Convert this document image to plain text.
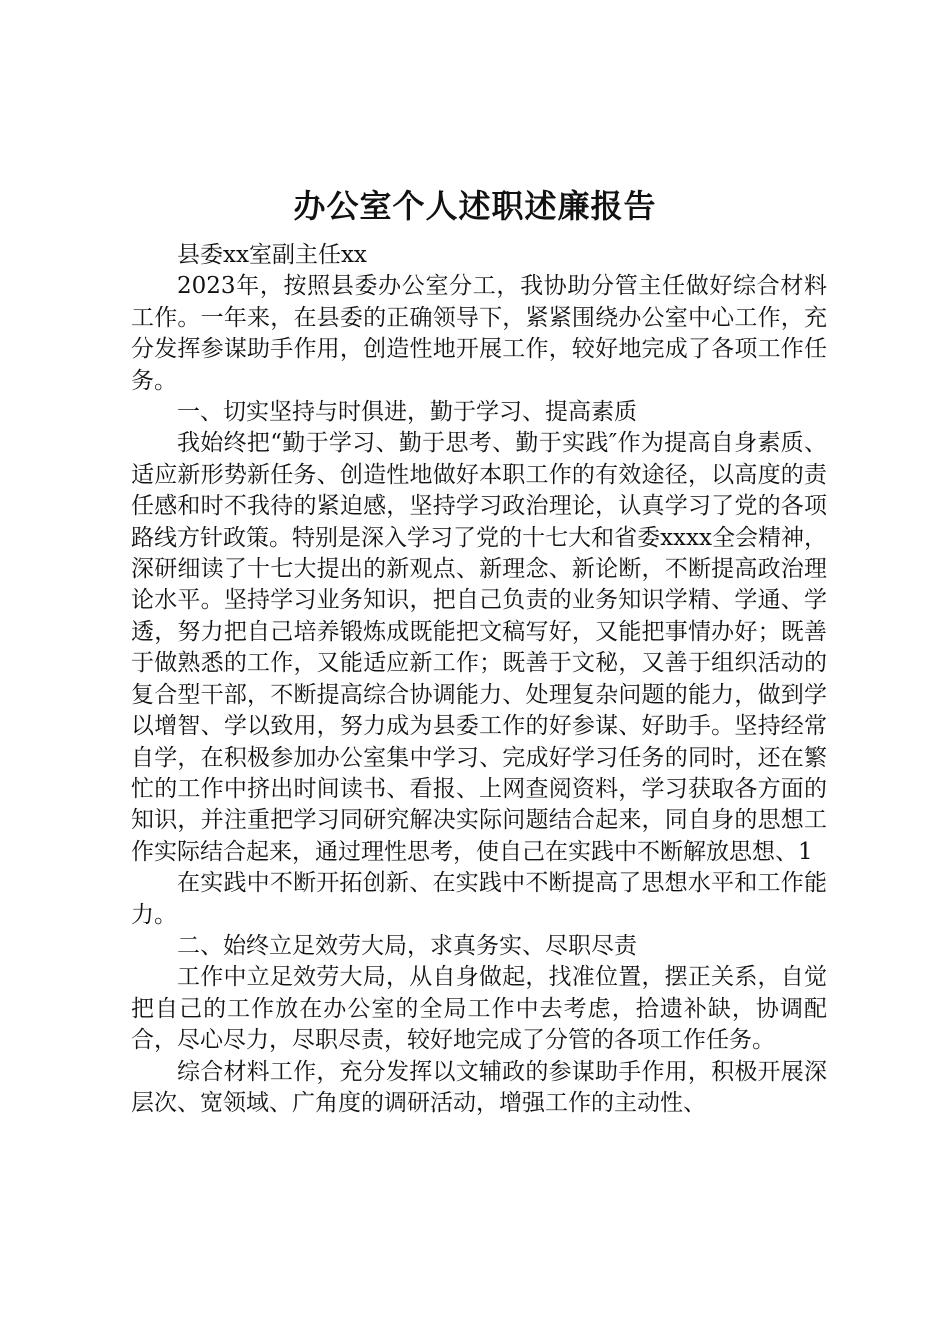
办公室个人述职述廉报告

县委xx室副主任xx

2023年，按照县委办公室分工，我协助分管主任做好综合材料工作。一年来，在县委的正确领导下，紧紧围绕办公室中心工作，充分发挥参谋助手作用，创造性地开展工作，较好地完成了各项工作任务。

一、切实坚持与时俱进，勤于学习、提高素质

我始终把“勤于学习、勤于思考、勤于实践″作为提高自身素质、适应新形势新任务、创造性地做好本职工作的有效途径，以高度的责任感和时不我待的紧迫感，坚持学习政治理论，认真学习了党的各项路线方针政策。特别是深入学习了党的十七大和省委xxxx全会精神，深研细读了十七大提出的新观点、新理念、新论断，不断提高政治理论水平。坚持学习业务知识，把自己负责的业务知识学精、学通、学透，努力把自己培养锻炼成既能把文稿写好，又能把事情办好；既善于做熟悉的工作，又能适应新工作；既善于文秘，又善于组织活动的复合型干部，不断提高综合协调能力、处理复杂问题的能力，做到学以增智、学以致用，努力成为县委工作的好参谋、好助手。坚持经常自学，在积极参加办公室集中学习、完成好学习任务的同时，还在繁忙的工作中挤出时间读书、看报、上网查阅资料，学习获取各方面的知识，并注重把学习同研究解决实际问题结合起来，同自身的思想工作实际结合起来，通过理性思考，使自己在实践中不断解放思想、1

在实践中不断开拓创新、在实践中不断提高了思想水平和工作能力。

二、始终立足效劳大局，求真务实、尽职尽责

工作中立足效劳大局，从自身做起，找准位置，摆正关系，自觉把自己的工作放在办公室的全局工作中去考虑，拾遗补缺，协调配合，尽心尽力，尽职尽责，较好地完成了分管的各项工作任务。

综合材料工作，充分发挥以文辅政的参谋助手作用，积极开展深层次、宽领域、广角度的调研活动，增强工作的主动性、
